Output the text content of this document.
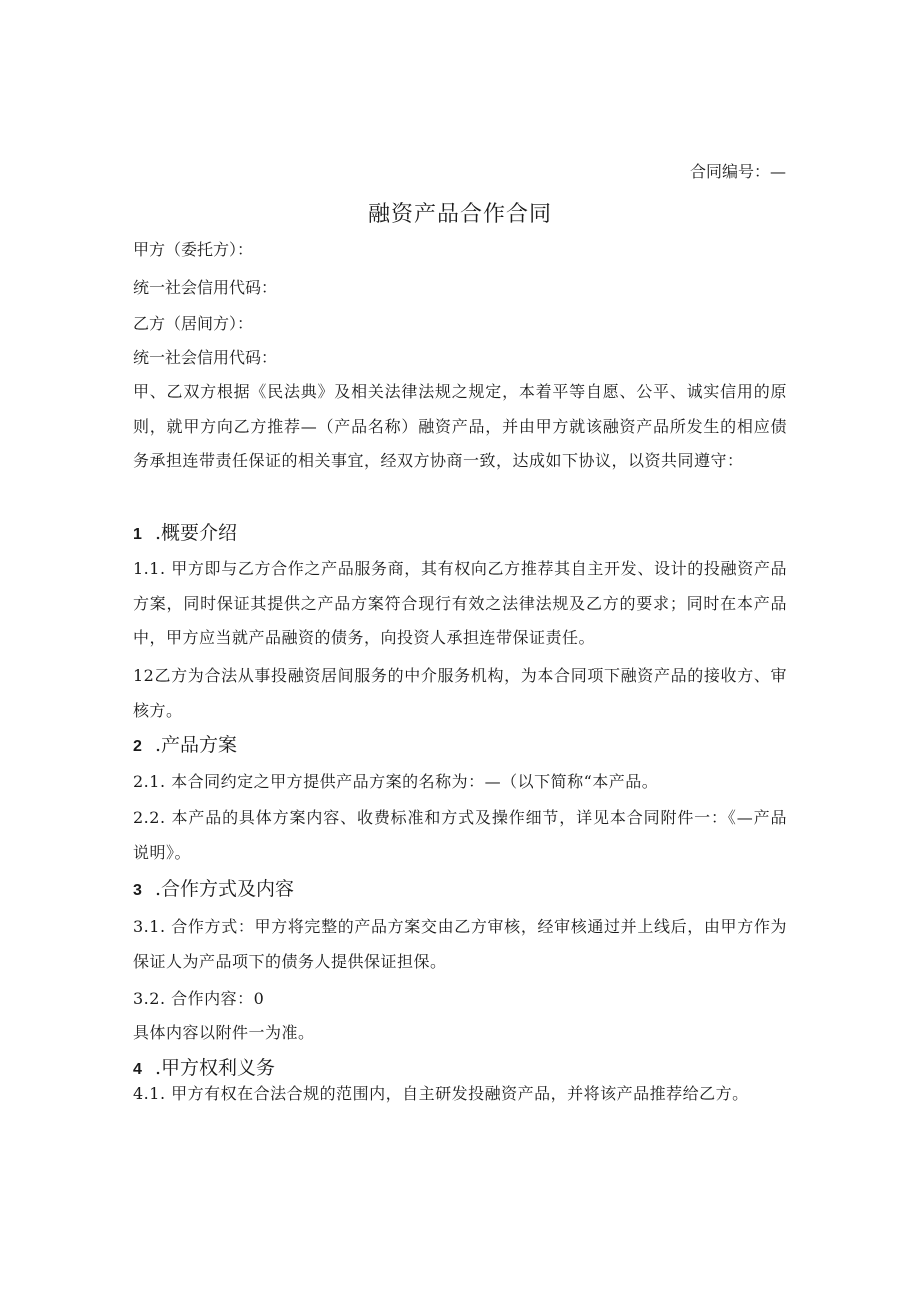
合同编号：—
融资产品合作合同
甲方（委托方）：
统一社会信用代码：
乙方（居间方）：
统一社会信用代码：
甲、乙双方根据《民法典》及相关法律法规之规定，本着平等自愿、公平、诚实信用的原则，就甲方向乙方推荐—（产品名称）融资产品，并由甲方就该融资产品所发生的相应债务承担连带责任保证的相关事宜，经双方协商一致，达成如下协议，以资共同遵守：
1 .概要介绍
1.1. 甲方即与乙方合作之产品服务商，其有权向乙方推荐其自主开发、设计的投融资产品方案，同时保证其提供之产品方案符合现行有效之法律法规及乙方的要求；同时在本产品中，甲方应当就产品融资的债务，向投资人承担连带保证责任。
12乙方为合法从事投融资居间服务的中介服务机构，为本合同项下融资产品的接收方、审核方。
2 .产品方案
2.1. 本合同约定之甲方提供产品方案的名称为：—（以下简称“本产品。
2.2. 本产品的具体方案内容、收费标准和方式及操作细节，详见本合同附件一：《—产品说明》。
3 .合作方式及内容
3.1. 合作方式：甲方将完整的产品方案交由乙方审核，经审核通过并上线后，由甲方作为保证人为产品项下的债务人提供保证担保。
3.2. 合作内容：0
具体内容以附件一为准。
4 .甲方权利义务
4.1. 甲方有权在合法合规的范围内，自主研发投融资产品，并将该产品推荐给乙方。
